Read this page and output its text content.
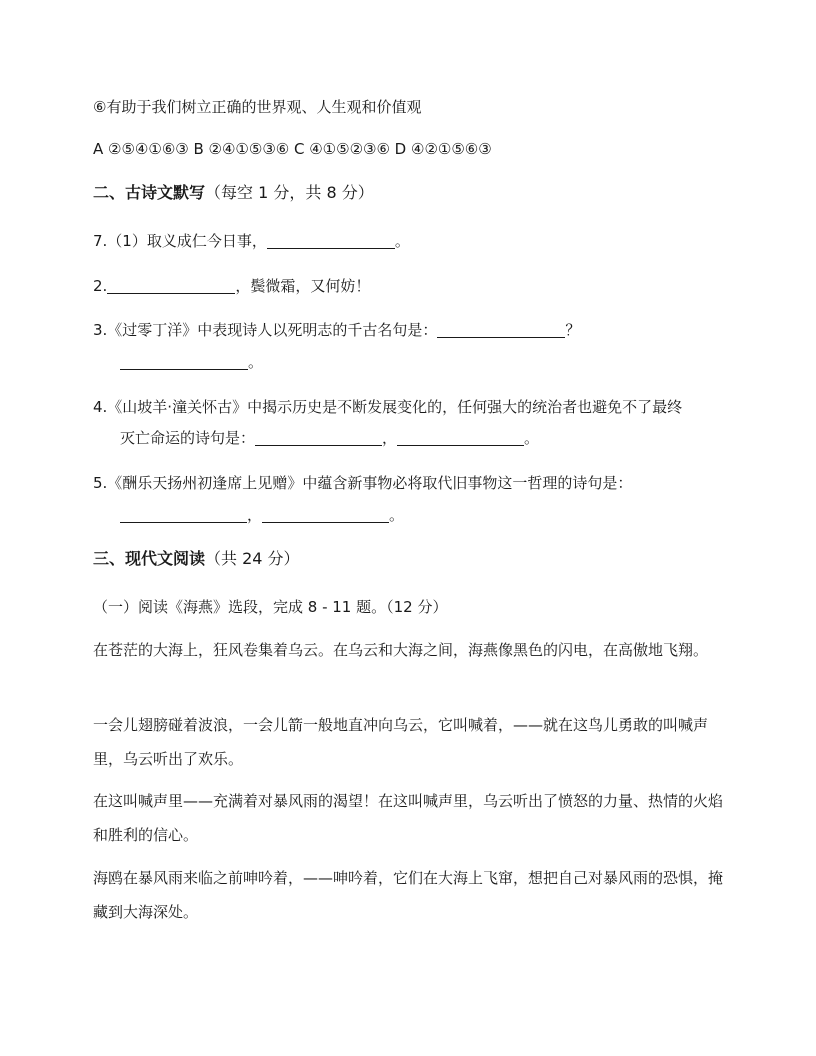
⑥有助于我们树立正确的世界观、人生观和价值观
A ②⑤④①⑥③ B ②④①⑤③⑥ C ④①⑤②③⑥ D ④②①⑤⑥③
二、古诗文默写（每空 1 分，共 8 分）
7.（1）取义成仁今日事，	。
2.	，鬓微霜，又何妨！
3.《过零丁洋》中表现诗人以死明志的千古名句是：	？
。
4.《山坡羊·潼关怀古》中揭示历史是不断发展变化的，任何强大的统治者也避免不了最终
灭亡命运的诗句是：	，	。
5.《酬乐天扬州初逢席上见赠》中蕴含新事物必将取代旧事物这一哲理的诗句是：
，	。
三、现代文阅读（共 24 分）
（一）阅读《海燕》选段，完成 8 - 11 题。（12 分）
在苍茫的大海上，狂风卷集着乌云。在乌云和大海之间，海燕像黑色的闪电，在高傲地飞翔。
一会儿翅膀碰着波浪，一会儿箭一般地直冲向乌云，它叫喊着，——就在这鸟儿勇敢的叫喊声里，乌云听出了欢乐。
在这叫喊声里——充满着对暴风雨的渴望！在这叫喊声里，乌云听出了愤怒的力量、热情的火焰和胜利的信心。
海鸥在暴风雨来临之前呻吟着，——呻吟着，它们在大海上飞窜，想把自己对暴风雨的恐惧，掩藏到大海深处。
